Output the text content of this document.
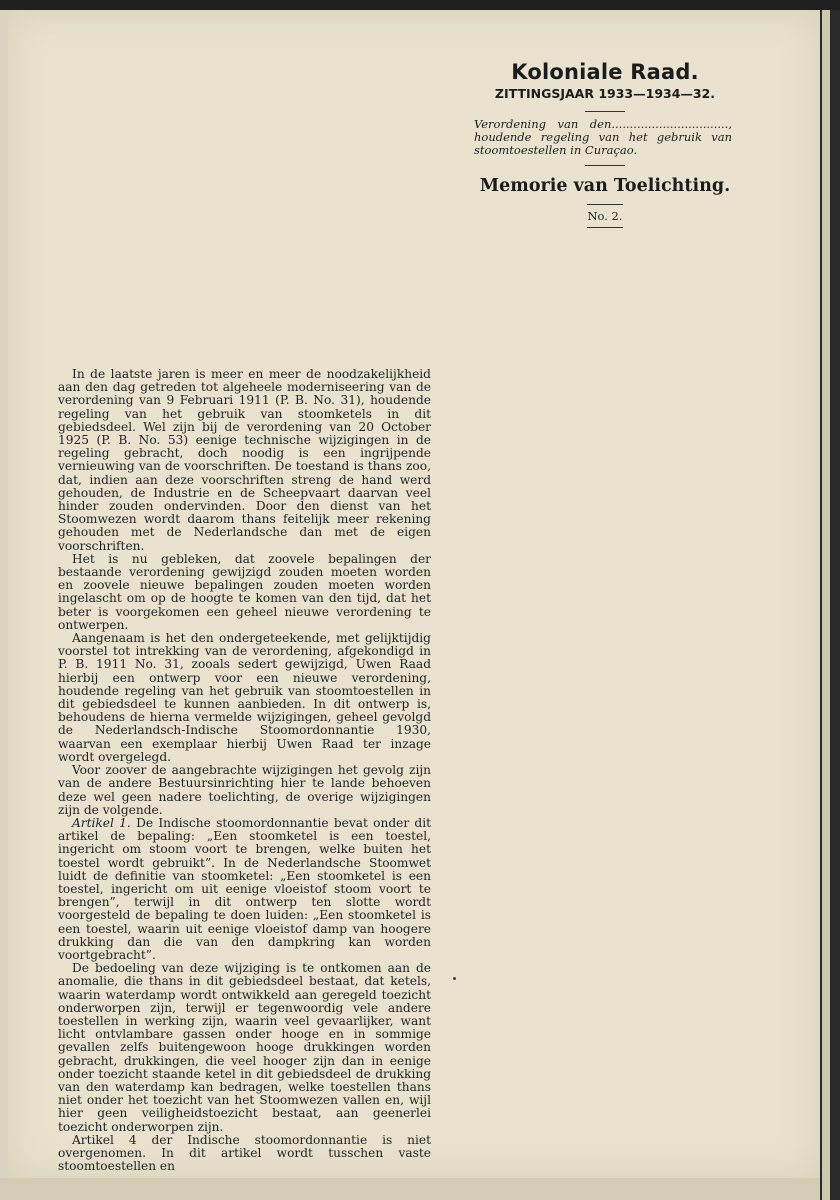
Koloniale Raad.
ZITTINGSJAAR 1933—1934—32.
Verordening van den................................, houdende regeling van het gebruik van stoomtoestellen in Curaçao.
Memorie van Toelichting.
No. 2.

In de laatste jaren is meer en meer de noodzakelijkheid aan den dag getreden tot algeheele moderniseering van de verordening van 9 Februari 1911 (P. B. No. 31), houdende regeling van het gebruik van stoomketels in dit gebiedsdeel. Wel zijn bij de verordening van 20 October 1925 (P. B. No. 53) eenige technische wijzigingen in de regeling gebracht, doch noodig is een ingrijpende vernieuwing van de voorschriften. De toestand is thans zoo, dat, indien aan deze voorschriften streng de hand werd gehouden, de Industrie en de Scheepvaart daarvan veel hinder zouden ondervinden. Door den dienst van het Stoomwezen wordt daarom thans feitelijk meer rekening gehouden met de Nederlandsche dan met de eigen voorschriften.

Het is nu gebleken, dat zoovele bepalingen der bestaande verordening gewijzigd zouden moeten worden en zoovele nieuwe bepalingen zouden moeten worden ingelascht om op de hoogte te komen van den tijd, dat het beter is voorgekomen een geheel nieuwe verordening te ontwerpen.

Aangenaam is het den ondergeteekende, met gelijktijdig voorstel tot intrekking van de verordening, afgekondigd in P. B. 1911 No. 31, zooals sedert gewijzigd, Uwen Raad hierbij een ontwerp voor een nieuwe verordening, houdende regeling van het gebruik van stoomtoestellen in dit gebiedsdeel te kunnen aanbieden. In dit ontwerp is, behoudens de hierna vermelde wijzigingen, geheel gevolgd de Nederlandsch-Indische Stoomordonnantie 1930, waarvan een exemplaar hierbij Uwen Raad ter inzage wordt overgelegd.

Voor zoover de aangebrachte wijzigingen het gevolg zijn van de andere Bestuursinrichting hier te lande behoeven deze wel geen nadere toelichting, de overige wijzigingen zijn de volgende.

Artikel 1. De Indische stoomordonnantie bevat onder dit artikel de bepaling: „Een stoomketel is een toestel, ingericht om stoom voort te brengen, welke buiten het toestel wordt gebruikt”. In de Nederlandsche Stoomwet luidt de definitie van stoomketel: „Een stoomketel is een toestel, ingericht om uit eenige vloeistof stoom voort te brengen”, terwijl in dit ontwerp ten slotte wordt voorgesteld de bepaling te doen luiden: „Een stoomketel is een toestel, waarin uit eenige vloeistof damp van hoogere drukking dan die van den dampkring kan worden voortgebracht”.

De bedoeling van deze wijziging is te ontkomen aan de anomalie, die thans in dit gebiedsdeel bestaat, dat ketels, waarin waterdamp wordt ontwikkeld aan geregeld toezicht onderworpen zijn, terwijl er tegenwoordig vele andere toestellen in werking zijn, waarin veel gevaarlijker, want licht ontvlambare gassen onder hooge en in sommige gevallen zelfs buitengewoon hooge drukkingen worden gebracht, drukkingen, die veel hooger zijn dan in eenige onder toezicht staande ketel in dit gebiedsdeel de drukking van den waterdamp kan bedragen, welke toestellen thans niet onder het toezicht van het Stoomwezen vallen en, wijl hier geen veiligheidstoezicht bestaat, aan geenerlei toezicht onderworpen zijn.

Artikel 4 der Indische stoomordonnantie is niet overgenomen. In dit artikel wordt tusschen vaste stoomtoestellen en
